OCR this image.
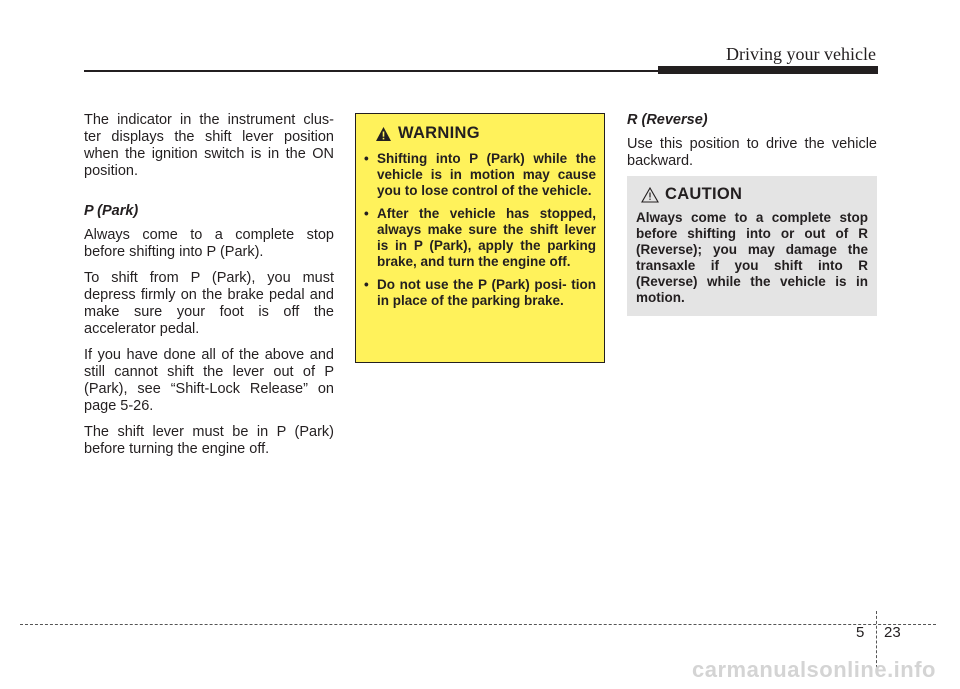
Driving your vehicle

The indicator in the instrument clus- ter displays the shift lever position when the ignition switch is in the ON position.

P (Park)

Always come to a complete stop before shifting into P (Park).

To shift from P (Park), you must depress firmly on the brake pedal and make sure your foot is off the accelerator pedal.

If you have done all of the above and still cannot shift the lever out of P (Park), see “Shift-Lock Release” on page 5-26.

The shift lever must be in P (Park) before turning the engine off.

WARNING
• Shifting into P (Park) while the vehicle is in motion may cause you to lose control of the vehicle.
• After the vehicle has stopped, always make sure the shift lever is in P (Park), apply the parking brake, and turn the engine off.
• Do not use the P (Park) posi- tion in place of the parking brake.
R (Reverse)

Use this position to drive the vehicle backward.

CAUTION

Always come to a complete stop before shifting into or out of R (Reverse); you may damage the transaxle if you shift into R (Reverse) while the vehicle is in motion.

5 23
carmanualsonline.info
